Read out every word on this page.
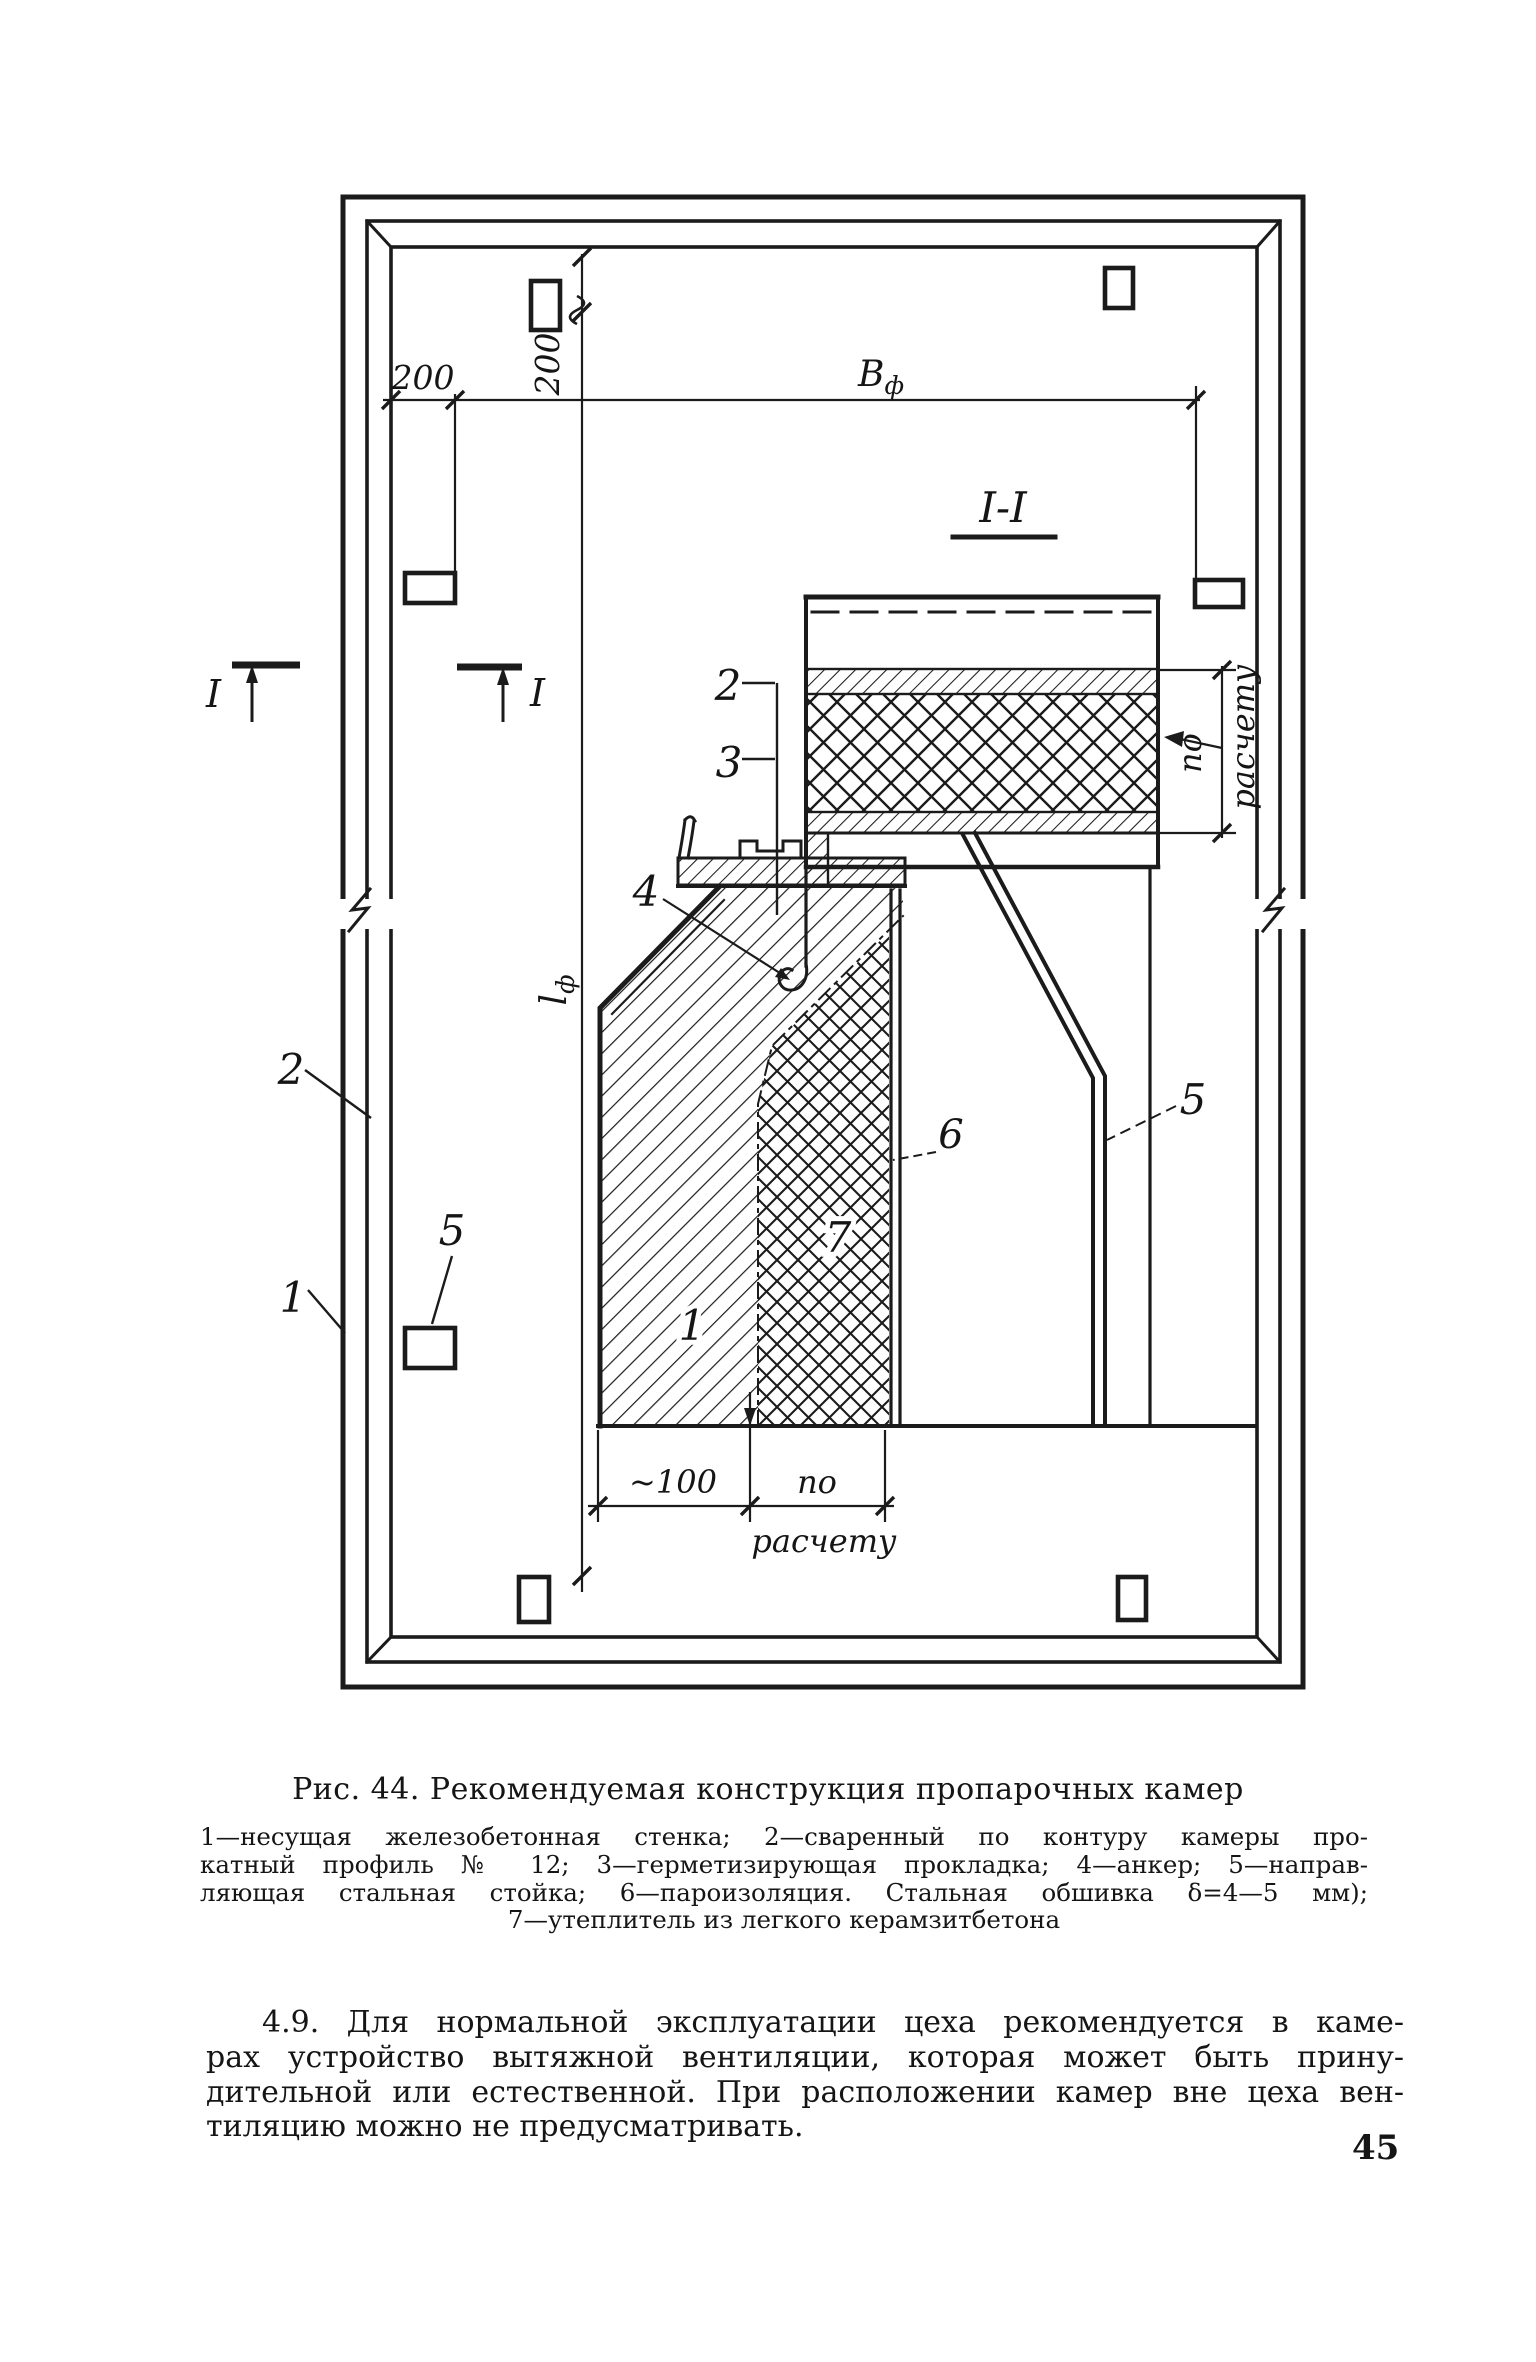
I	I
200	$В_ф$
200
$l_ф$
~100	по
расчету
по расчету
I-I
2
3
4
6
5
7
1
2
1
5
Рис. 44. Рекомендуемая конструкция пропарочных камер
1—несущая железобетонная стенка; 2—сваренный по контуру камеры про-
катный профиль № 12; 3—герметизирующая прокладка; 4—анкер; 5—направ-
ляющая стальная стойка; 6—пароизоляция. Стальная обшивка δ=4—5 мм);
7—утеплитель из легкого керамзитбетона
4.9. Для нормальной эксплуатации цеха рекомендуется в каме-
рах устройство вытяжной вентиляции, которая может быть прину-
дительной или естественной. При расположении камер вне цеха вен-
тиляцию можно не предусматривать.
45
